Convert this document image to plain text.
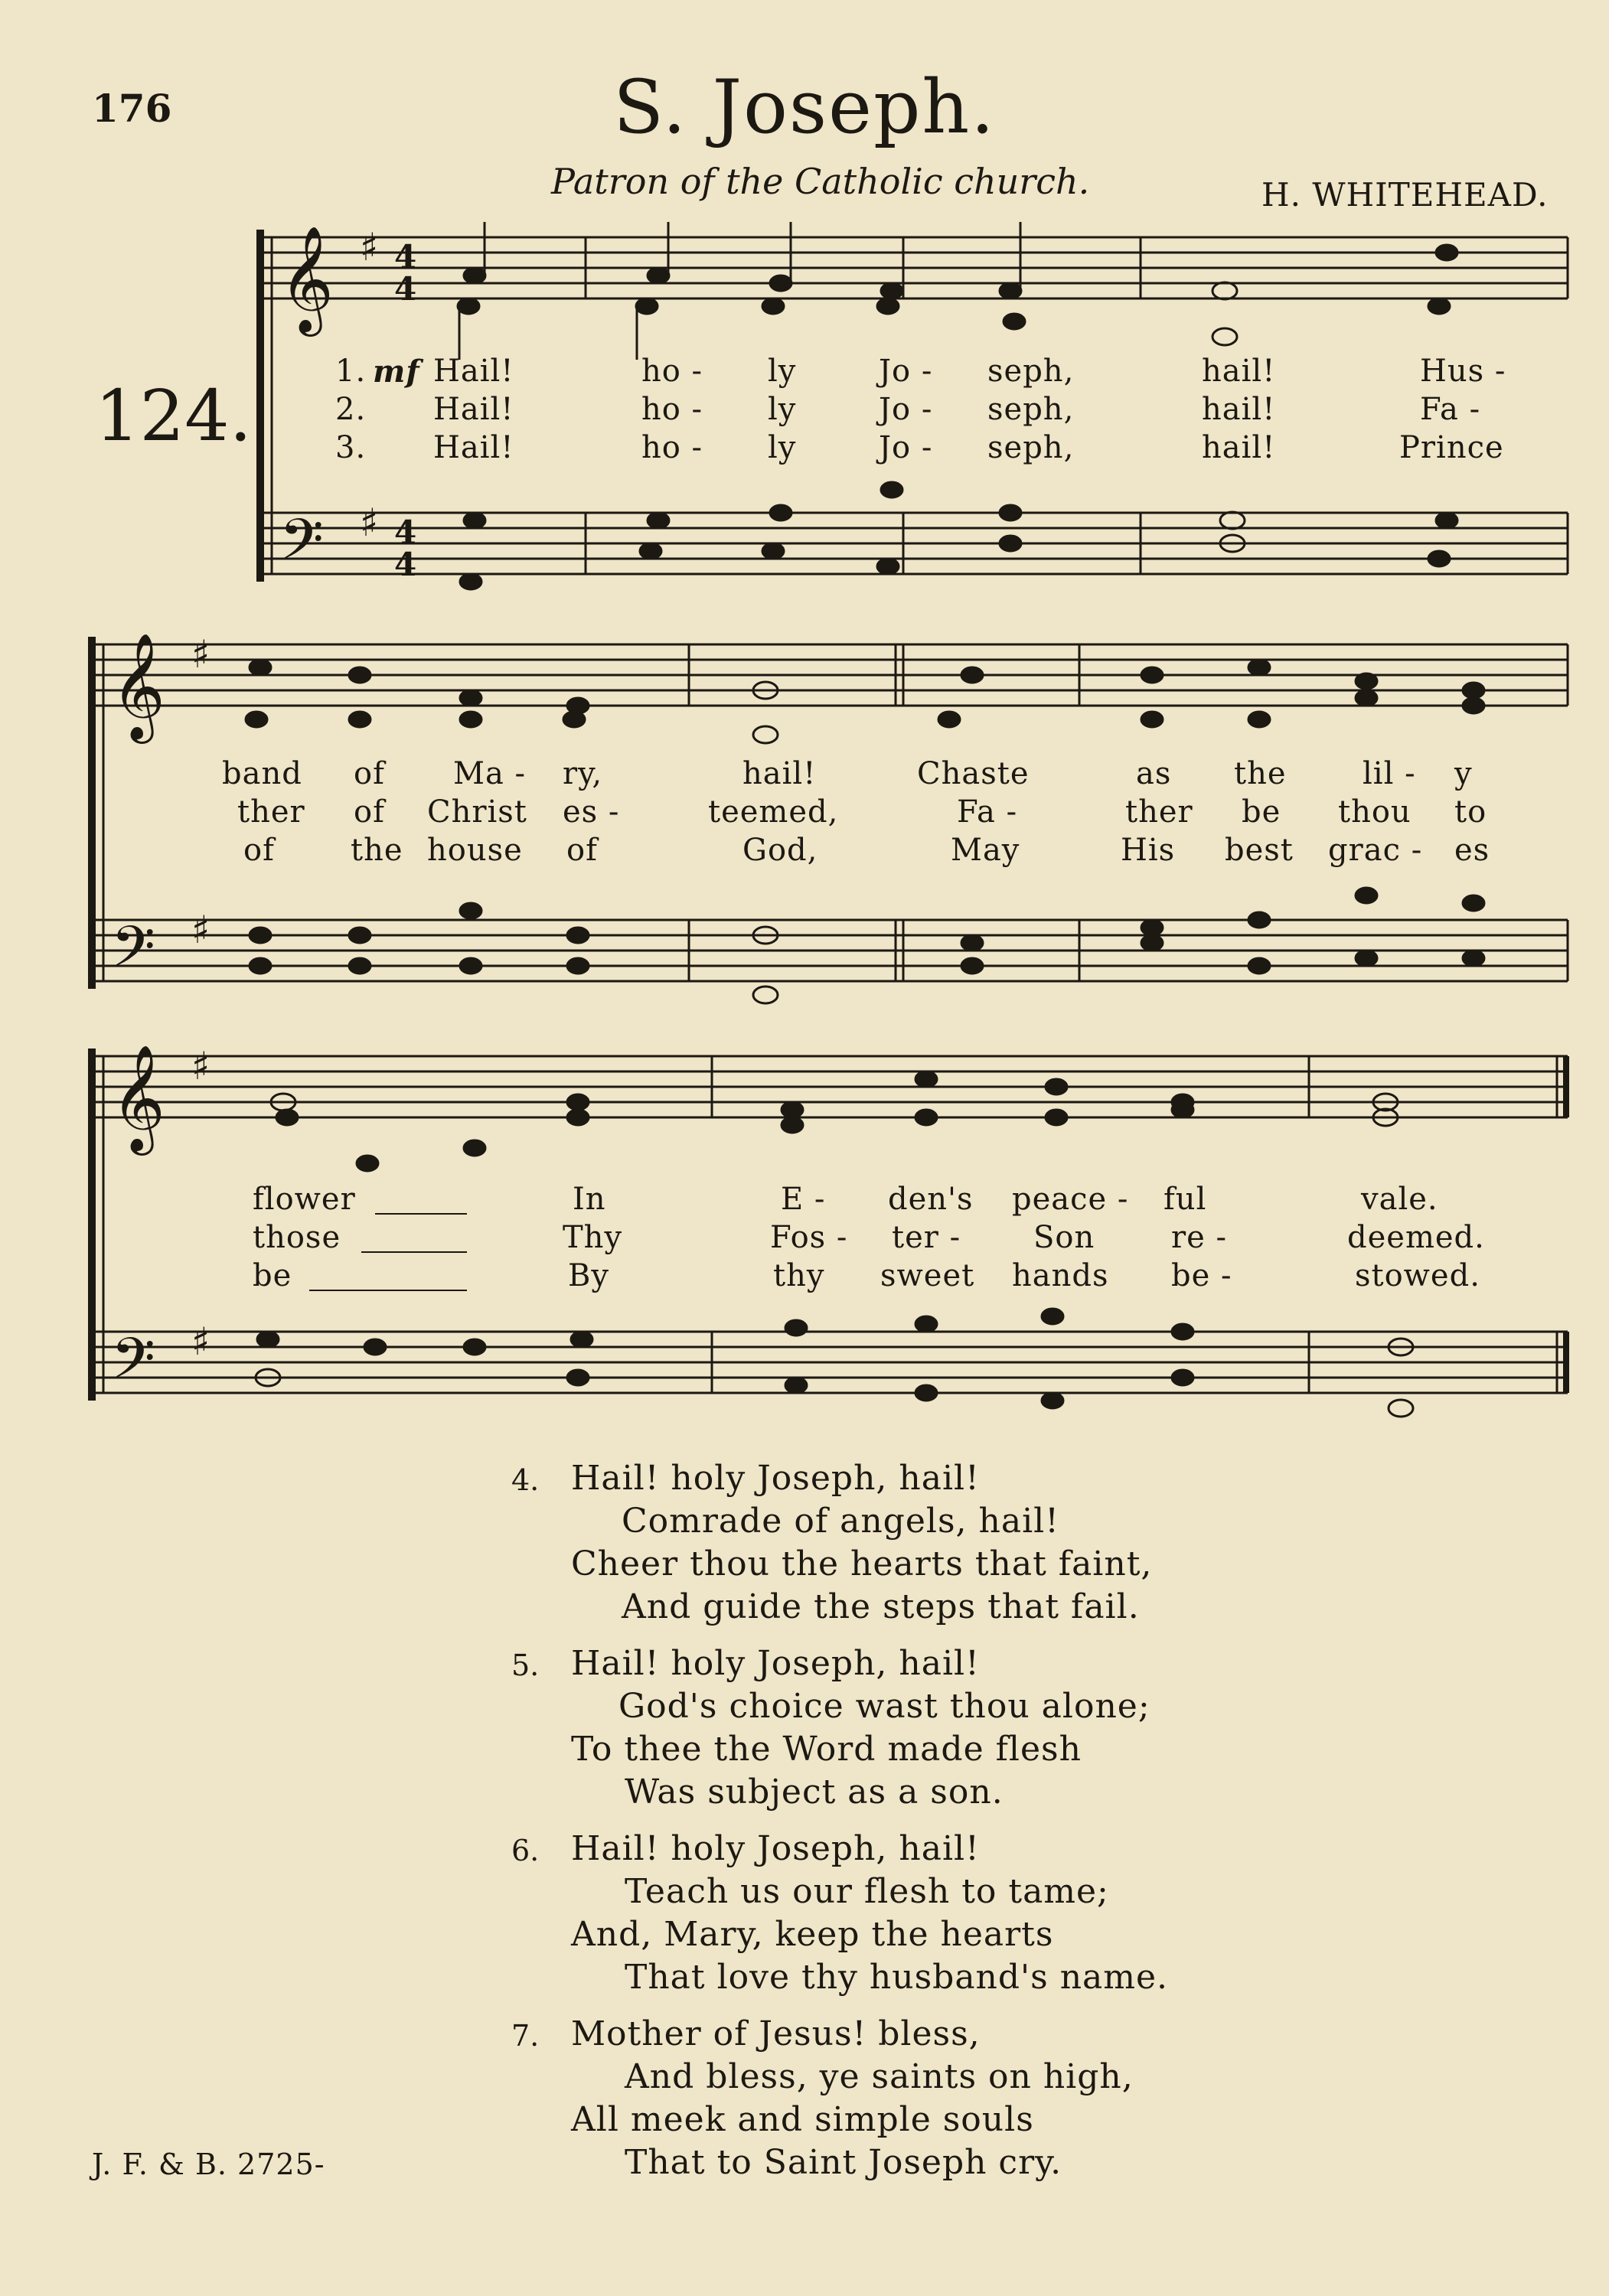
176	S. Joseph.
Patron of the Catholic church.	H. WHITEHEAD.
124.
𝄞
𝄢
♯
♯
4
4
4
4
𝄞
𝄢
♯
♯
𝄞
𝄢
♯
♯
1. mf Hail!	ho - ly	Jo - seph,	hail!	Hus -
2. Hail!	ho - ly	Jo - seph,	hail!	Fa -
3. Hail!	ho - ly	Jo - seph,	hail!	Prince
band of Ma - ry,	hail!	Chaste	as the lil - y
ther of Christ es -	teemed,	Fa -	ther be thou to
of the house of	God,	May	His best grac - es
flower	In	E - den's peace - ful	vale.
those	Thy	Fos - ter - Son re -	deemed.
be	By	thy sweet hands be -	stowed.
4. Hail! holy Joseph, hail!
Comrade of angels, hail!
Cheer thou the hearts that faint,
And guide the steps that fail.
5. Hail! holy Joseph, hail!
God's choice wast thou alone;
To thee the Word made flesh
Was subject as a son.
6. Hail! holy Joseph, hail!
Teach us our flesh to tame;
And, Mary, keep the hearts
That love thy husband's name.
7. Mother of Jesus! bless,
And bless, ye saints on high,
All meek and simple souls
That to Saint Joseph cry.
J. F. & B. 2725-
